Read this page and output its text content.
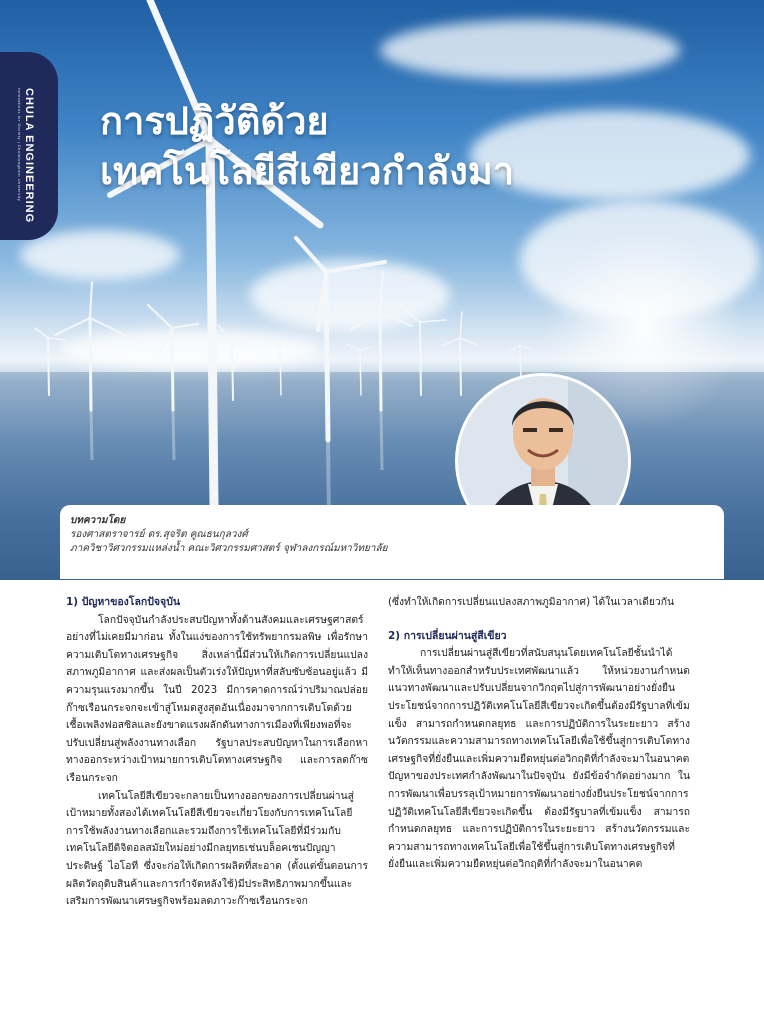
CHULA ENGINEERING
Innovations for Society | Chulalongkorn University การปฏิวัติด้วย
เทคโนโลยีสีเขียวกำลังมา
บทความโดย
รองศาสตราจารย์ ดร.สุจริต คูณธนกุลวงศ์
ภาควิชาวิศวกรรมแหล่งน้ำ คณะวิศวกรรมศาสตร์ จุฬาลงกรณ์มหาวิทยาลัย
1) ปัญหาของโลกปัจจุบัน

โลกปัจจุบันกำลังประสบปัญหาทั้งด้านสังคมและเศรษฐศาสตร์อย่างที่ไม่เคยมีมาก่อน ทั้งในแง่ของการใช้ทรัพยากรมลพิษ เพื่อรักษาความเติบโตทางเศรษฐกิจ สิ่งเหล่านี้มีส่วนให้เกิดการเปลี่ยนแปลงสภาพภูมิอากาศ และส่งผลเป็นตัวเร่งให้ปัญหาที่สลับซับซ้อนอยู่แล้ว มีความรุนแรงมากขึ้น ในปี 2023 มีการคาดการณ์ว่าปริมาณปล่อยก๊าซเรือนกระจกจะเข้าสู่โหมดสูงสุดอันเนื่องมาจากการเติบโตด้วยเชื้อเพลิงฟอสซิลและยังขาดแรงผลักดันทางการเมืองที่เพียงพอที่จะปรับเปลี่ยนสู่พลังงานทางเลือก รัฐบาลประสบปัญหาในการเลือกหาทางออกระหว่างเป้าหมายการเติบโตทางเศรษฐกิจ และการลดก๊าซเรือนกระจก

เทคโนโลยีสีเขียวจะกลายเป็นทางออกของการเปลี่ยนผ่านสู่เป้าหมายทั้งสองได้เทคโนโลยีสีเขียวจะเกี่ยวโยงกับการเทคโนโลยีการใช้พลังงานทางเลือกและรวมถึงการใช้เทคโนโลยีที่มีร่วมกับเทคโนโลยีดิจิตอลสมัยใหม่อย่างมีกลยุทธเช่นบล็อคเชนปัญญาประดิษฐ์ ไอโอที ซึ่งจะก่อให้เกิดการผลิตที่สะอาด (ตั้งแต่ขั้นตอนการผลิตวัตถุดิบสินค้าและการกำจัดหลังใช้)มีประสิทธิภาพมากขึ้นและเสริมการพัฒนาเศรษฐกิจพร้อมลดภาวะก๊าซเรือนกระจก

(ซึ่งทำให้เกิดการเปลี่ยนแปลงสภาพภูมิอากาศ) ได้ในเวลาเดียวกัน

2) การเปลี่ยนผ่านสู่สีเขียว

การเปลี่ยนผ่านสู่สีเขียวที่สนับสนุนโดยเทคโนโลยีชั้นนำได้ทำให้เห็นทางออกสำหรับประเทศพัฒนาแล้ว ให้หน่วยงานกำหนดแนวทางพัฒนาและปรับเปลี่ยนจากวิกฤตไปสู่การพัฒนาอย่างยั่งยืนประโยชน์จากการปฏิวัติเทคโนโลยีสีเขียวจะเกิดขึ้นต้องมีรัฐบาลที่เข้มแข็ง สามารถกำหนดกลยุทธ และการปฏิบัติการในระยะยาว สร้างนวัตกรรมและความสามารถทางเทคโนโลยีเพื่อใช้ขึ้นสู่การเติบโตทางเศรษฐกิจที่ยั่งยืนและเพิ่มความยืดหยุ่นต่อวิกฤติที่กำลังจะมาในอนาคต ปัญหาของประเทศกำลังพัฒนาในปัจจุบัน ยังมีข้อจำกัดอย่างมาก ในการพัฒนาเพื่อบรรลุเป้าหมายการพัฒนาอย่างยั่งยืนประโยชน์จากการปฏิวัติเทคโนโลยีสีเขียวจะเกิดขึ้น ต้องมีรัฐบาลที่เข้มแข็ง สามารถกำหนดกลยุทธ และการปฏิบัติการในระยะยาว สร้างนวัตกรรมและความสามารถทางเทคโนโลยีเพื่อใช้ขึ้นสู่การเติบโตทางเศรษฐกิจที่ยั่งยืนและเพิ่มความยืดหยุ่นต่อวิกฤติที่กำลังจะมาในอนาคต
